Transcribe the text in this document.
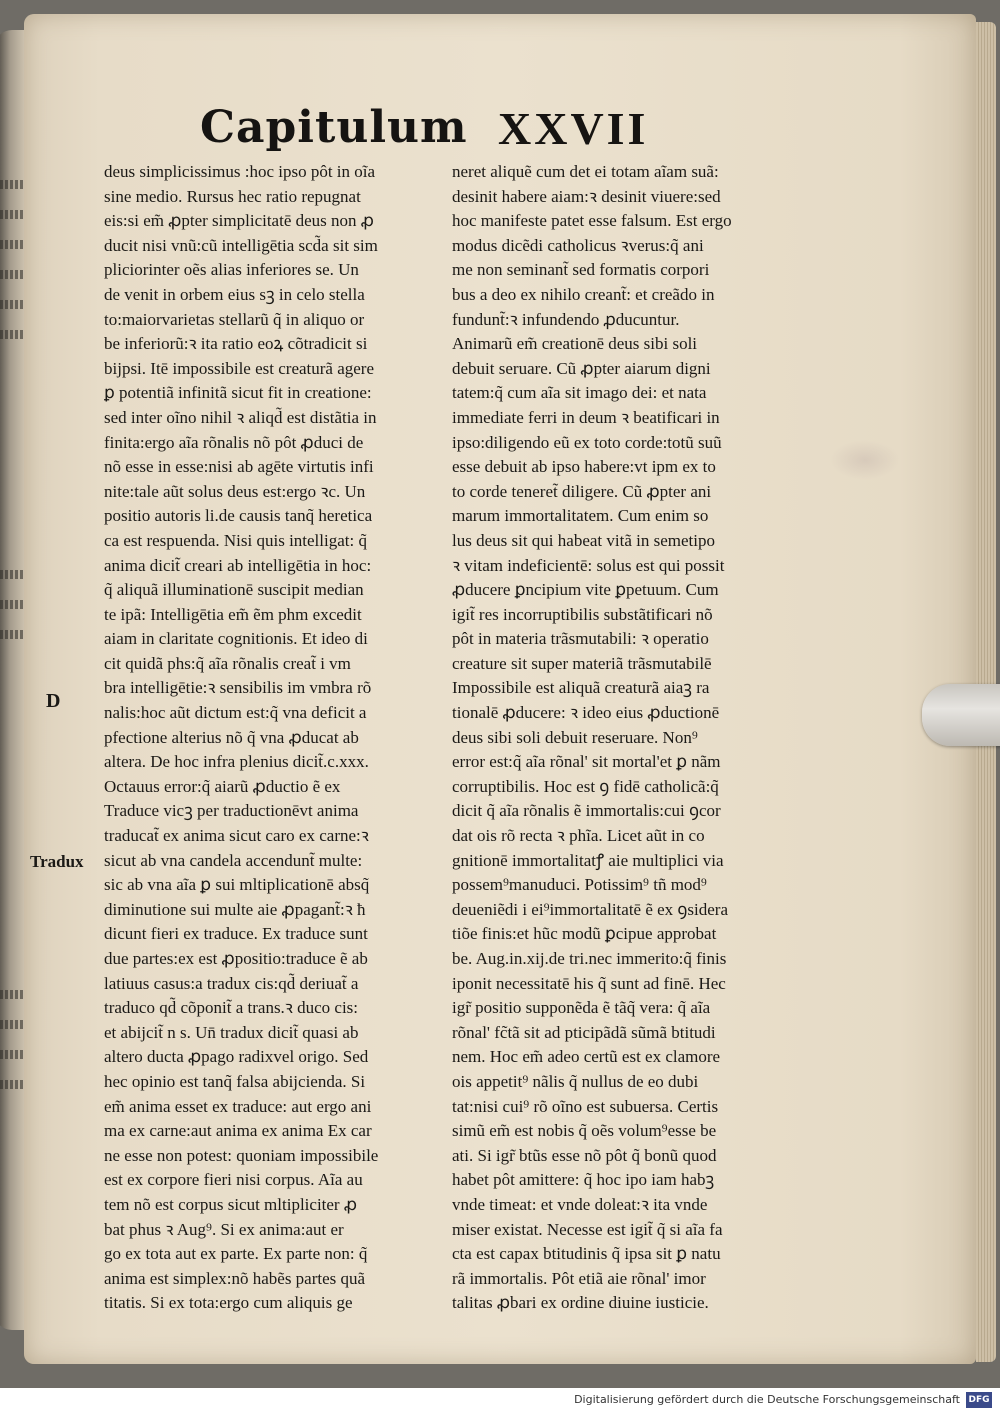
Capitulum XXVII
D
Tradux
deus simplicissimus :hoc ipso pôt in oĩa
sine medio. Rursus hec ratio repugnat
eis:si em̃ ꝓpter simplicitatē deus non ꝓ
ducit nisi vnũ:cũ intelligētia scd̃a sit sim
pliciorinter oẽs alias inferiores se. Un
de venit in orbem eius sꝫ in celo stella
to:maiorvarietas stellarũ q̃ in aliquo or
be inferiorũ:ꝛ ita ratio eoꝝ cõtradicit si
bijpsi. Itē impossibile est creaturã agere
ꝑ potentiã infinitã sicut fit in creatione:
sed inter oĩno nihil ꝛ aliqd̃ est distãtia in
finita:ergo aĩa rõnalis nõ pôt ꝓduci de
nõ esse in esse:nisi ab agēte virtutis infi
nite:tale aũt solus deus est:ergo ꝛc. Un
positio autoris li.de causis tanq̃ heretica
ca est respuenda. Nisi quis intelligat: q̃
anima dicit̃ creari ab intelligētia in hoc:
q̃ aliquã illuminationē suscipit median
te ipã: Intelligētia em̃ ẽm phm excedit
aiam in claritate cognitionis. Et ideo di
cit quidã phs:q̃ aĩa rõnalis creat̃ i vm
bra intelligētie:ꝛ sensibilis im vmbra rõ
nalis:hoc aũt dictum est:q̃ vna deficit a
pfectione alterius nõ q̃ vna ꝓducat ab
altera. De hoc infra plenius dicit̃.c.xxx.
Octauus error:q̃ aiarũ ꝓductio ẽ ex
Traduce vicꝫ per traductionēvt anima
traducat̃ ex anima sicut caro ex carne:ꝛ
sicut ab vna candela accendunt̃ multe:
sic ab vna aĩa ꝑ sui mltiplicationē absq̃
diminutione sui multe aie ꝓpagant̃:ꝛ ħ
dicunt fieri ex traduce. Ex traduce sunt
due partes:ex est ꝓpositio:traduce ẽ ab
latiuus casus:a tradux cis:qd̃ deriuat̃ a
traduco qd̃ cõponit̃ a trans.ꝛ duco cis:
et abijcit̃ n s. Un̄ tradux dicit̃ quasi ab
altero ducta ꝓpago radixvel origo. Sed
hec opinio est tanq̃ falsa abijcienda. Si
em̃ anima esset ex traduce: aut ergo ani
ma ex carne:aut anima ex anima Ex car
ne esse non potest: quoniam impossibile
est ex corpore fieri nisi corpus. Aĩa au
tem nõ est corpus sicut mltipliciter ꝓ
bat phus ꝛ Aug⁹. Si ex anima:aut er
go ex tota aut ex parte. Ex parte non: q̃
anima est simplex:nõ habẽs partes quã
titatis. Si ex tota:ergo cum aliquis ge
neret aliquẽ cum det ei totam aĩam suã:
desinit habere aiam:ꝛ desinit viuere:sed
hoc manifeste patet esse falsum. Est ergo
modus dicẽdi catholicus ꝛverus:q̃ ani
me non seminant̃ sed formatis corpori
bus a deo ex nihilo creant̃: et creãdo in
fundunt̃:ꝛ infundendo ꝓducuntur.
Animarũ em̃ creationē deus sibi soli
debuit seruare. Cũ ꝓpter aiarum digni
tatem:q̃ cum aĩa sit imago dei: et nata
immediate ferri in deum ꝛ beatificari in
ipso:diligendo eũ ex toto corde:totũ suũ
esse debuit ab ipso habere:vt ipm ex to
to corde teneret̃ diligere. Cũ ꝓpter ani
marum immortalitatem. Cum enim so
lus deus sit qui habeat vitã in semetipo
ꝛ vitam indeficientē: solus est qui possit
ꝓducere ꝑncipium vite ꝑpetuum. Cum
igit̃ res incorruptibilis substãtificari nõ
pôt in materia trãsmutabili: ꝛ operatio
creature sit super materiã trãsmutabilē
Impossibile est aliquã creaturã aiaꝫ ra
tionalē ꝓducere: ꝛ ideo eius ꝓductionē
deus sibi soli debuit reseruare. Non⁹
error est:q̃ aĩa rõnal' sit mortal'et ꝑ nãm
corruptibilis. Hoc est ꝯ fidē catholicã:q̃
dicit q̃ aĩa rõnalis ẽ immortalis:cui ꝯcor
dat ois rõ recta ꝛ phĩa. Licet aũt in co
gnitionē immortalitatꝭ aie multiplici via
possem⁹manuduci. Potissim⁹ tñ mod⁹
deueniẽdi i ei⁹immortalitatē ẽ ex ꝯsidera
tiõe finis:et hũc modũ ꝑcipue approbat
be. Aug.in.xij.de tri.nec immerito:q̃ finis
iponit necessitatē his q̃ sunt ad finē. Hec
igr̃ positio supponẽda ẽ tãq̃ vera: q̃ aĩa
rõnal' fc̃tã sit ad pticipãdã sũmã btitudi
nem. Hoc em̃ adeo certũ est ex clamore
ois appetit⁹ nãlis q̃ nullus de eo dubi
tat:nisi cui⁹ rõ oĩno est subuersa. Certis
simũ em̃ est nobis q̃ oẽs volum⁹esse be
ati. Si igr̃ btũs esse nõ pôt q̃ bonũ quod
habet pôt amittere: q̃ hoc ipo iam habꝫ
vnde timeat: et vnde doleat:ꝛ ita vnde
miser existat. Necesse est igit̃ q̃ si aĩa fa
cta est capax btitudinis q̃ ipsa sit ꝑ natu
rã immortalis. Pôt etiã aie rõnal' imor
talitas ꝓbari ex ordine diuine iusticie.
Digitalisierung gefördert durch die Deutsche Forschungsgemeinschaft DFG
